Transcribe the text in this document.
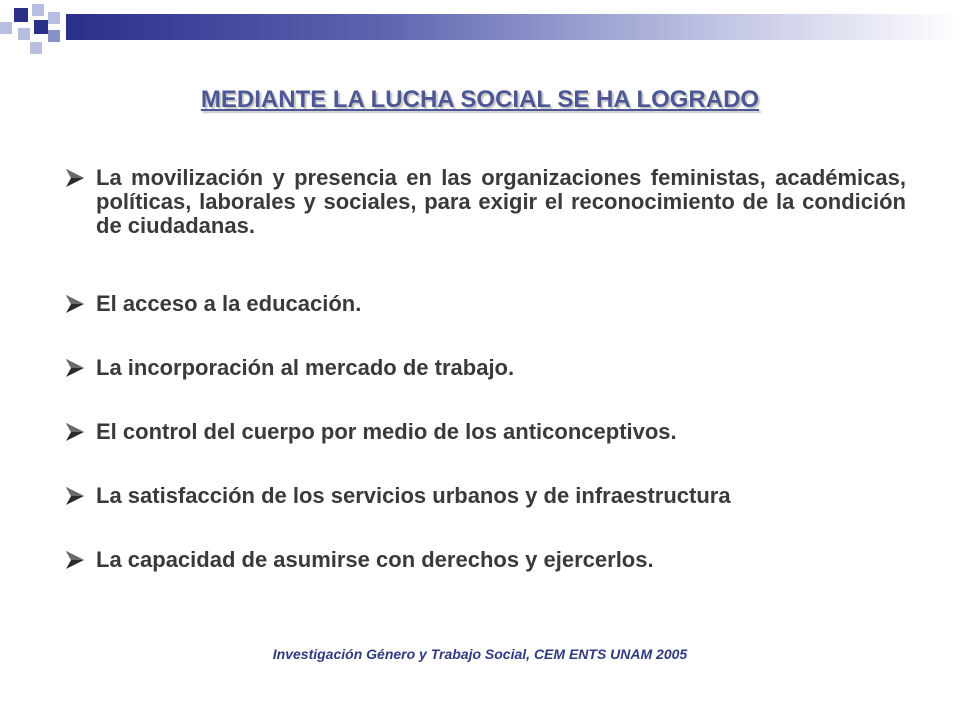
MEDIANTE LA LUCHA SOCIAL SE HA LOGRADO
La movilización y presencia en las organizaciones feministas, académicas, políticas, laborales y sociales, para exigir el reconocimiento de la condición de ciudadanas.
El acceso a la educación.
La incorporación al mercado de trabajo.
El control del cuerpo por medio de los anticonceptivos.
La satisfacción de los servicios urbanos y de infraestructura
La capacidad de asumirse con derechos y ejercerlos.
Investigación Género y Trabajo Social, CEM ENTS UNAM 2005
